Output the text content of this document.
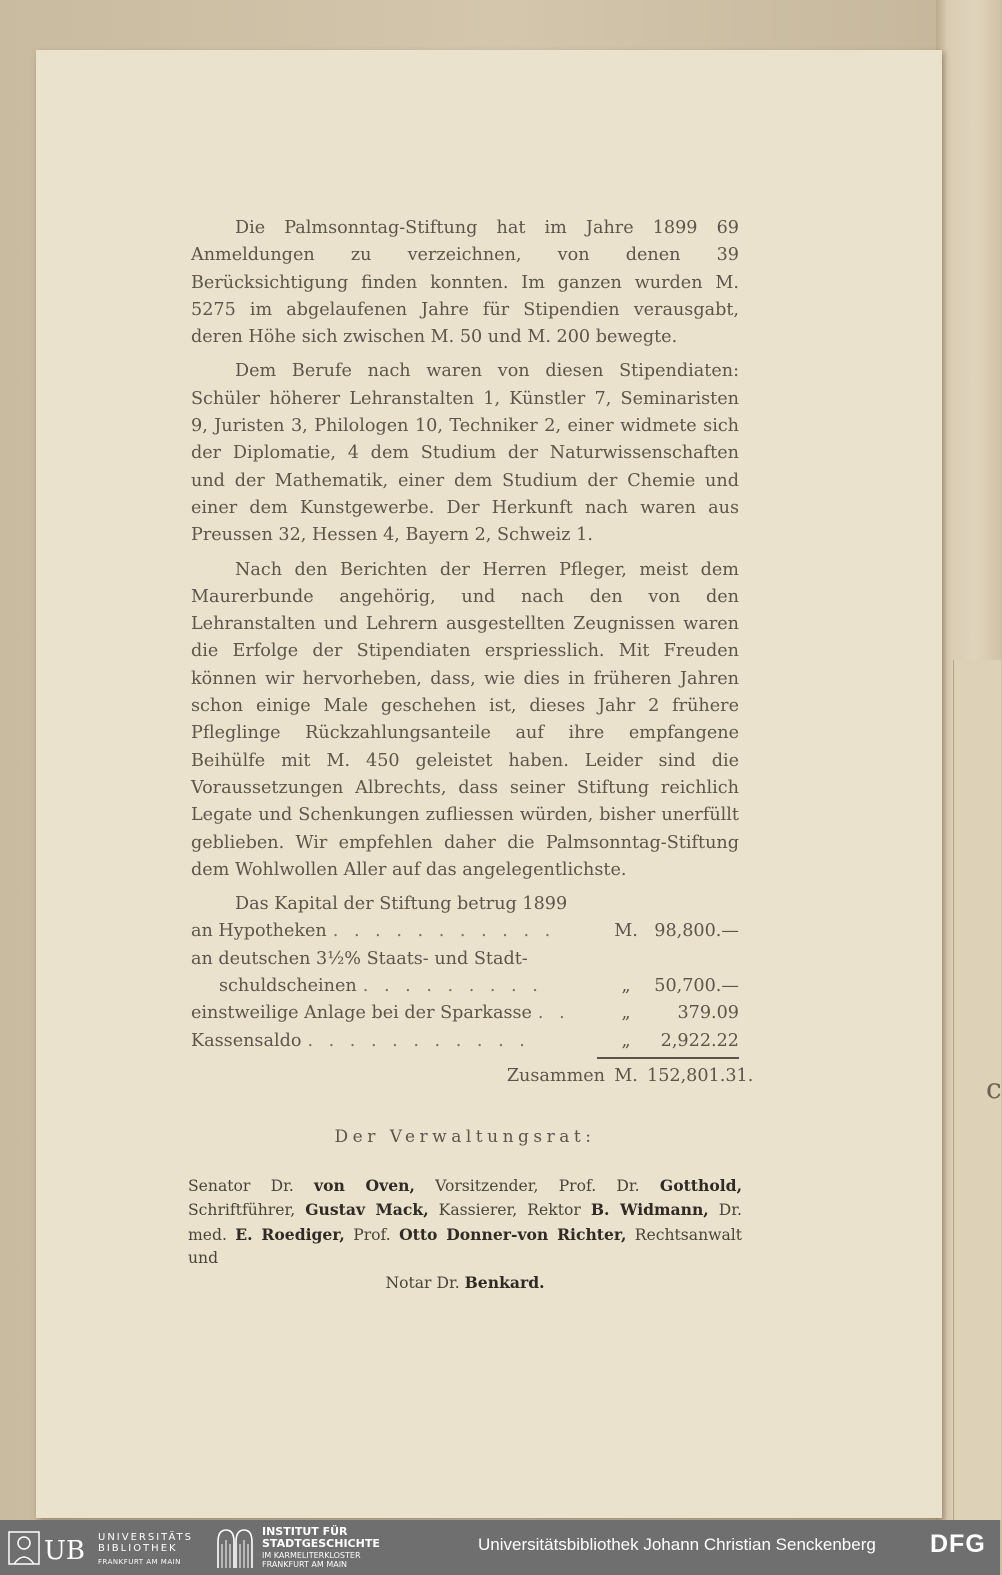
c

Die Palmsonntag-Stiftung hat im Jahre 1899 69 Anmeldungen zu verzeichnen, von denen 39 Berücksichtigung finden konnten. Im ganzen wurden M. 5275 im abgelaufenen Jahre für Stipendien verausgabt, deren Höhe sich zwischen M. 50 und M. 200 bewegte.

Dem Berufe nach waren von diesen Stipendiaten: Schüler höherer Lehranstalten 1, Künstler 7, Seminaristen 9, Juristen 3, Philologen 10, Techniker 2, einer widmete sich der Diplomatie, 4 dem Studium der Naturwissenschaften und der Mathematik, einer dem Studium der Chemie und einer dem Kunstgewerbe. Der Herkunft nach waren aus Preussen 32, Hessen 4, Bayern 2, Schweiz 1.

Nach den Berichten der Herren Pfleger, meist dem Maurerbunde angehörig, und nach den von den Lehranstalten und Lehrern ausgestellten Zeugnissen waren die Erfolge der Stipendiaten erspriesslich. Mit Freuden können wir hervorheben, dass, wie dies in früheren Jahren schon einige Male geschehen ist, dieses Jahr 2 frühere Pfleglinge Rückzahlungsanteile auf ihre empfangene Beihülfe mit M. 450 geleistet haben. Leider sind die Voraussetzungen Albrechts, dass seiner Stiftung reichlich Legate und Schenkungen zufliessen würden, bisher unerfüllt geblieben. Wir empfehlen daher die Palmsonntag-Stiftung dem Wohlwollen Aller auf das angelegentlichste.

Das Kapital der Stiftung betrug 1899

an Hypotheken . . . . . . . . . . .	M. 98,800.—
an deutschen 3½% Staats- und Stadt-
schuldscheinen . . . . . . . . .	„	50,700.—
einstweilige Anlage bei der Sparkasse . .	„	379.09
Kassensaldo . . . . . . . . . . .	„	2,922.22
Zusammen M. 152,801.31.
Der Verwaltungsrat:
Senator Dr. von Oven, Vorsitzender, Prof. Dr. Gotthold, Schriftführer, Gustav Mack, Kassierer, Rektor B. Widmann, Dr. med. E. Roediger, Prof. Otto Donner-von Richter, Rechtsanwalt und
Notar Dr. Benkard.
UB UNIVERSITÄTS
BIBLIOTHEK
FRANKFURT AM MAIN
INSTITUT FÜR
STADTGESCHICHTE
IM KARMELITERKLOSTER
FRANKFURT AM MAIN
Universitätsbibliothek Johann Christian Senckenberg DFG
